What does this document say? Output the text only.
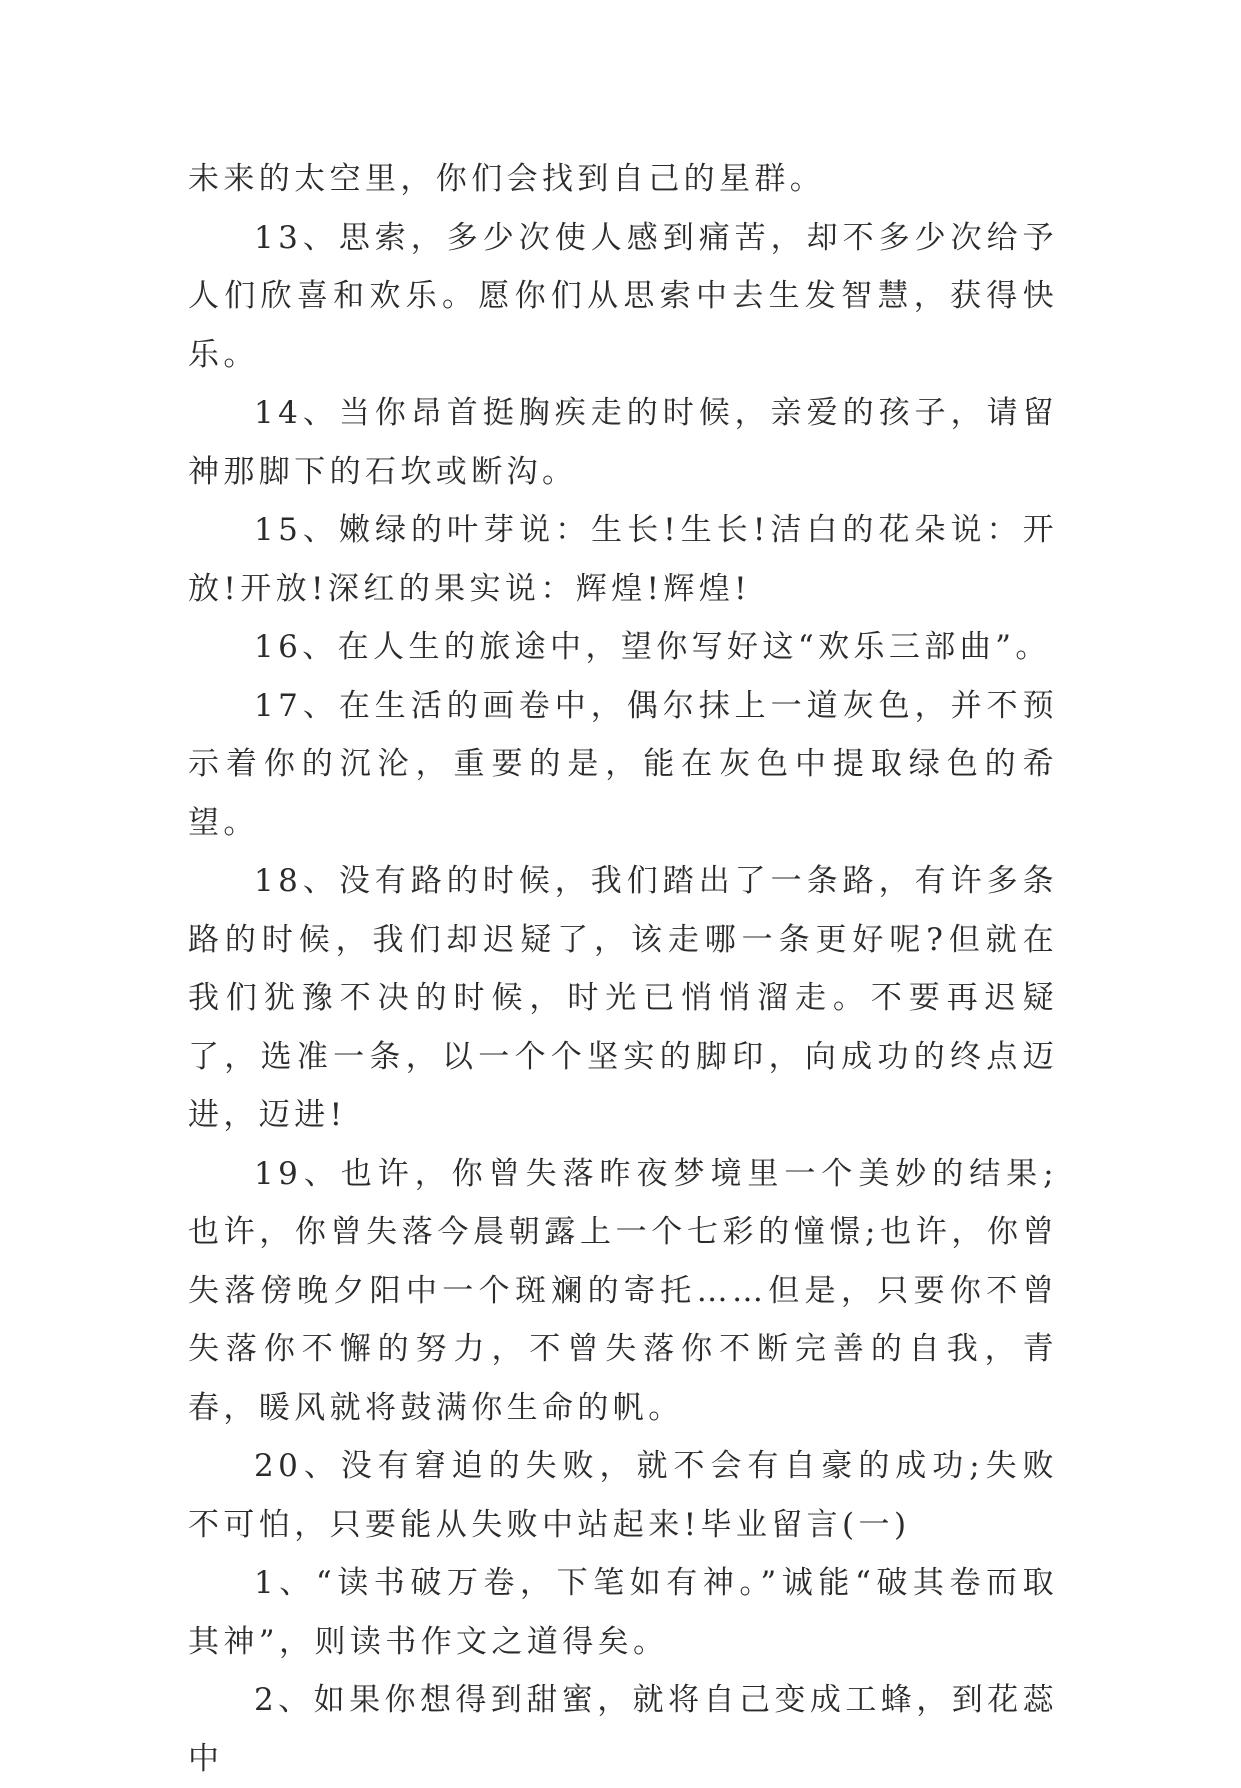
未来的太空里，你们会找到自己的星群。

13、思索，多少次使人感到痛苦，却不多少次给予人们欣喜和欢乐。愿你们从思索中去生发智慧，获得快乐。

14、当你昂首挺胸疾走的时候，亲爱的孩子，请留神那脚下的石坎或断沟。

15、嫩绿的叶芽说：生长!生长!洁白的花朵说：开放!开放!深红的果实说：辉煌!辉煌!

16、在人生的旅途中，望你写好这“欢乐三部曲”。

17、在生活的画卷中，偶尔抹上一道灰色，并不预示着你的沉沦，重要的是，能在灰色中提取绿色的希望。

18、没有路的时候，我们踏出了一条路，有许多条路的时候，我们却迟疑了，该走哪一条更好呢?但就在我们犹豫不决的时候，时光已悄悄溜走。不要再迟疑了，选准一条，以一个个坚实的脚印，向成功的终点迈进，迈进!

19、也许，你曾失落昨夜梦境里一个美妙的结果;也许，你曾失落今晨朝露上一个七彩的憧憬;也许，你曾失落傍晚夕阳中一个斑斓的寄托……但是，只要你不曾失落你不懈的努力，不曾失落你不断完善的自我，青春，暖风就将鼓满你生命的帆。

20、没有窘迫的失败，就不会有自豪的成功;失败不可怕，只要能从失败中站起来!毕业留言(一)

1、“读书破万卷，下笔如有神。”诚能“破其卷而取其神”，则读书作文之道得矣。

2、如果你想得到甜蜜，就将自己变成工蜂，到花蕊中
